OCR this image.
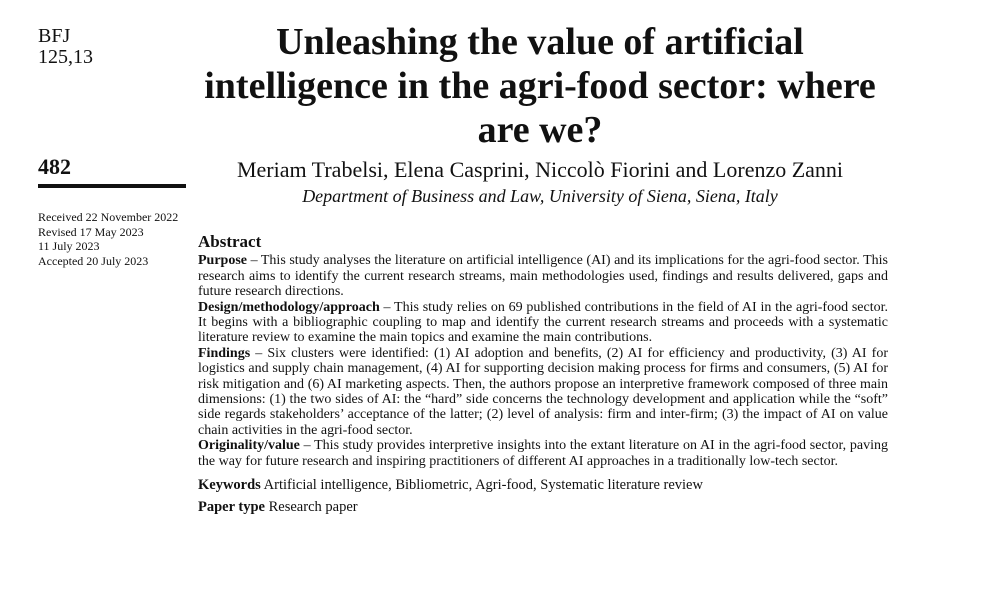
BFJ
125,13
482
Received 22 November 2022
Revised 17 May 2023
11 July 2023
Accepted 20 July 2023
Unleashing the value of artificial intelligence in the agri-food sector: where are we?
Meriam Trabelsi, Elena Casprini, Niccolò Fiorini and Lorenzo Zanni
Department of Business and Law, University of Siena, Siena, Italy
Abstract

Purpose – This study analyses the literature on artificial intelligence (AI) and its implications for the agri-food sector. This research aims to identify the current research streams, main methodologies used, findings and results delivered, gaps and future research directions.

Design/methodology/approach – This study relies on 69 published contributions in the field of AI in the agri-food sector. It begins with a bibliographic coupling to map and identify the current research streams and proceeds with a systematic literature review to examine the main topics and examine the main contributions.

Findings – Six clusters were identified: (1) AI adoption and benefits, (2) AI for efficiency and productivity, (3) AI for logistics and supply chain management, (4) AI for supporting decision making process for firms and consumers, (5) AI for risk mitigation and (6) AI marketing aspects. Then, the authors propose an interpretive framework composed of three main dimensions: (1) the two sides of AI: the “hard” side concerns the technology development and application while the “soft” side regards stakeholders’ acceptance of the latter; (2) level of analysis: firm and inter-firm; (3) the impact of AI on value chain activities in the agri-food sector.

Originality/value – This study provides interpretive insights into the extant literature on AI in the agri-food sector, paving the way for future research and inspiring practitioners of different AI approaches in a traditionally low-tech sector.

Keywords Artificial intelligence, Bibliometric, Agri-food, Systematic literature review
Paper type Research paper
